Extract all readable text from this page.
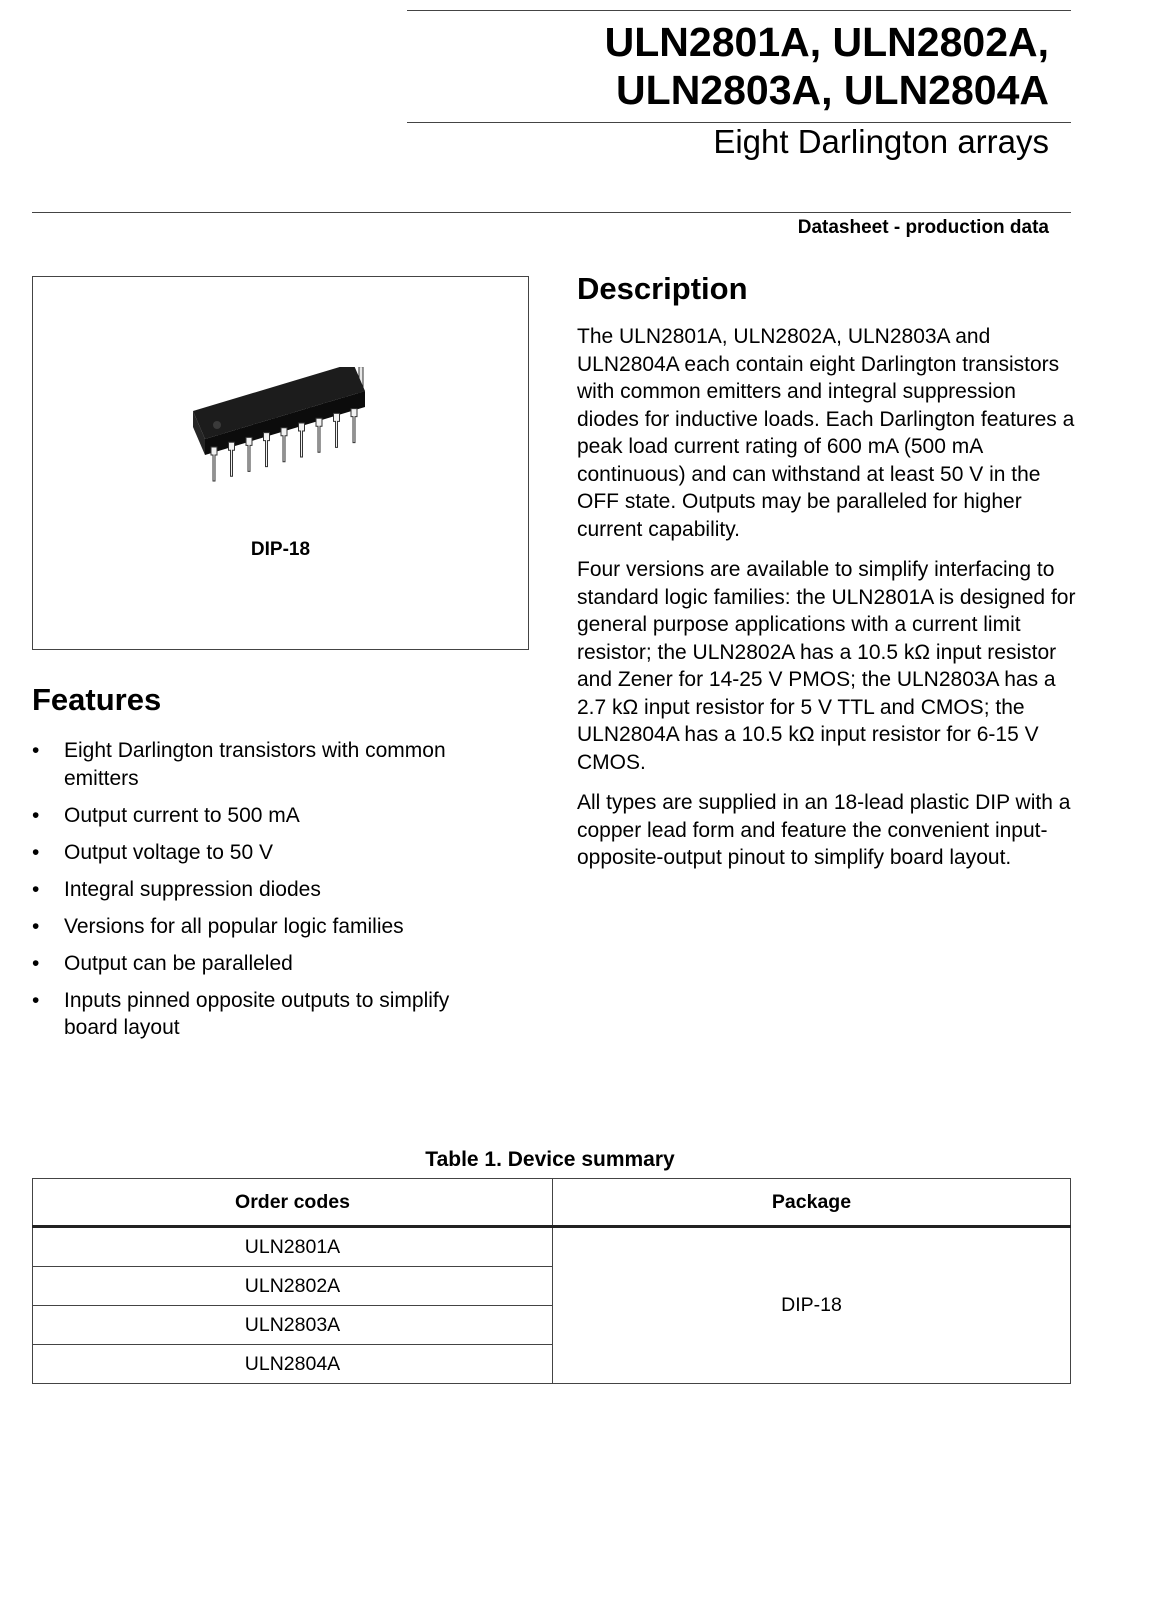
ULN2801A, ULN2802A,
ULN2803A, ULN2804A
Eight Darlington arrays
Datasheet - production data
DIP-18
Features
• Eight Darlington transistors with common emitters
• Output current to 500 mA
• Output voltage to 50 V
• Integral suppression diodes
• Versions for all popular logic families
• Output can be paralleled
• Inputs pinned opposite outputs to simplify board layout
Description

The ULN2801A, ULN2802A, ULN2803A and ULN2804A each contain eight Darlington transistors with common emitters and integral suppression diodes for inductive loads. Each Darlington features a peak load current rating of 600 mA (500 mA continuous) and can withstand at least 50 V in the OFF state. Outputs may be paralleled for higher current capability.

Four versions are available to simplify interfacing to standard logic families: the ULN2801A is designed for general purpose applications with a current limit resistor; the ULN2802A has a 10.5 kΩ input resistor and Zener for 14-25 V PMOS; the ULN2803A has a 2.7 kΩ input resistor for 5 V TTL and CMOS; the ULN2804A has a 10.5 kΩ input resistor for 6-15 V CMOS.

All types are supplied in an 18-lead plastic DIP with a copper lead form and feature the convenient input-opposite-output pinout to simplify board layout.

Table 1. Device summary
Order codes	Package
ULN2801A	DIP-18
ULN2802A	
ULN2803A	
ULN2804A	
